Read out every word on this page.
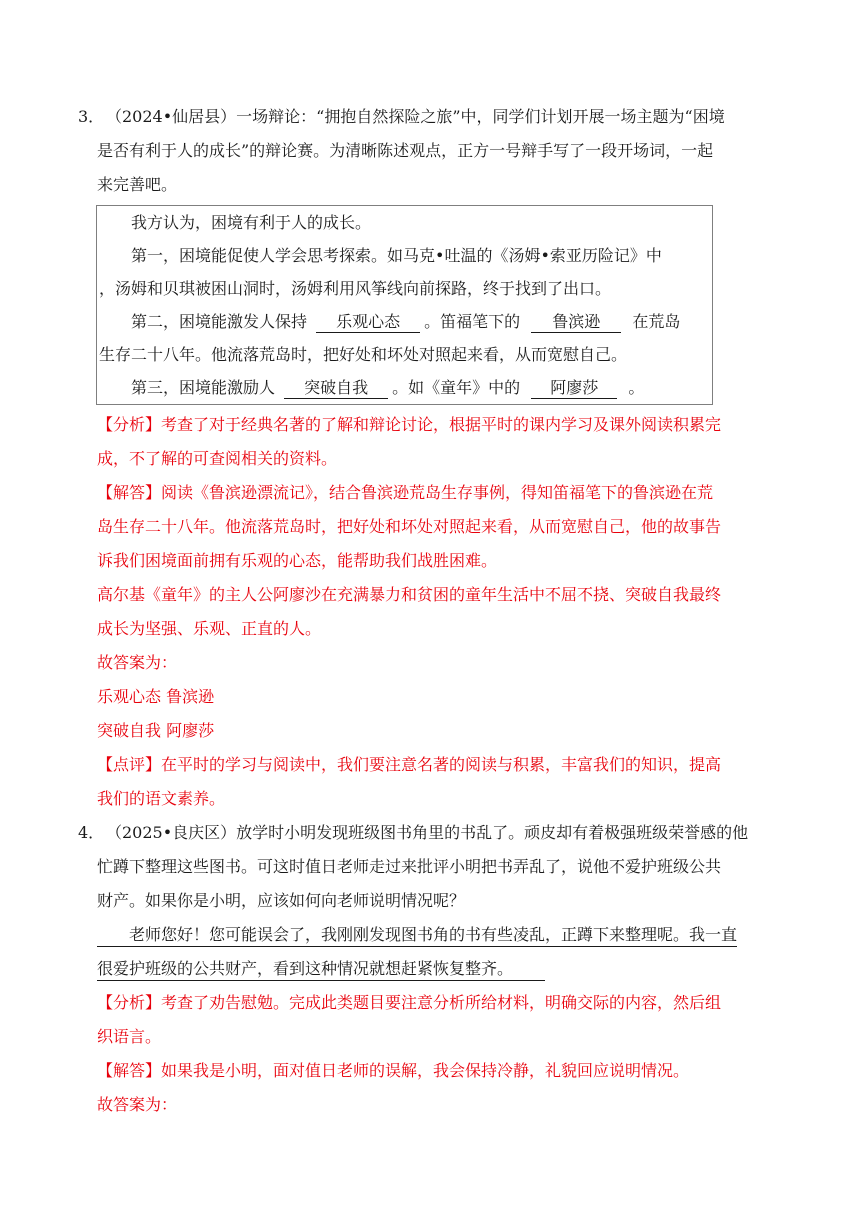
3． （2024•仙居县）一场辩论：“拥抱自然探险之旅”中，同学们计划开展一场主题为“困境
是否有利于人的成长”的辩论赛。为清晰陈述观点，正方一号辩手写了一段开场词，一起
来完善吧。
我方认为，困境有利于人的成长。
第一，困境能促使人学会思考探索。如马克•吐温的《汤姆•索亚历险记》中
，汤姆和贝琪被困山洞时，汤姆利用风筝线向前探路，终于找到了出口。
第二，困境能激发人保持 乐观心态 。笛福笔下的 鲁滨逊 在荒岛
生存二十八年。他流落荒岛时，把好处和坏处对照起来看，从而宽慰自己。
第三，困境能激励人 突破自我 。如《童年》中的 阿廖莎 。
【分析】考查了对于经典名著的了解和辩论讨论，根据平时的课内学习及课外阅读积累完
成，不了解的可查阅相关的资料。
【解答】阅读《鲁滨逊漂流记》，结合鲁滨逊荒岛生存事例，得知笛福笔下的鲁滨逊在荒
岛生存二十八年。他流落荒岛时，把好处和坏处对照起来看，从而宽慰自己，他的故事告
诉我们困境面前拥有乐观的心态，能帮助我们战胜困难。
高尔基《童年》的主人公阿廖沙在充满暴力和贫困的童年生活中不屈不挠、突破自我最终
成长为坚强、乐观、正直的人。
故答案为：
乐观心态 鲁滨逊
突破自我 阿廖莎
【点评】在平时的学习与阅读中，我们要注意名著的阅读与积累，丰富我们的知识，提高
我们的语文素养。
4． （2025•良庆区）放学时小明发现班级图书角里的书乱了。顽皮却有着极强班级荣誉感的他
忙蹲下整理这些图书。可这时值日老师走过来批评小明把书弄乱了，说他不爱护班级公共
财产。如果你是小明，应该如何向老师说明情况呢？
老师您好！您可能误会了，我刚刚发现图书角的书有些凌乱，正蹲下来整理呢。我一直
很爱护班级的公共财产，看到这种情况就想赶紧恢复整齐。
【分析】考查了劝告慰勉。完成此类题目要注意分析所给材料，明确交际的内容，然后组
织语言。
【解答】如果我是小明，面对值日老师的误解，我会保持冷静，礼貌回应说明情况。
故答案为：
